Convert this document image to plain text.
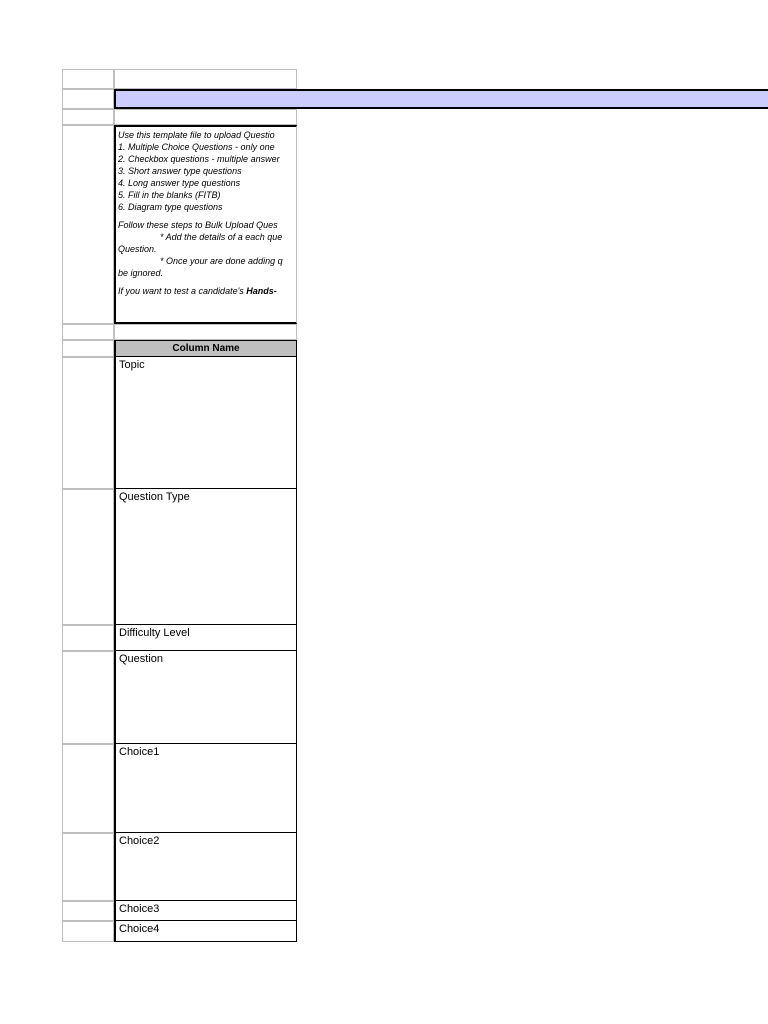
Use this template file to upload Questio
1. Multiple Choice Questions - only one
2. Checkbox questions - multiple answer
3. Short answer type questions
4. Long answer type questions
5. Fill in the blanks (FITB)
6. Diagram type questions
Follow these steps to Bulk Upload Ques
* Add the details of a each que
Question.
* Once your are done adding q
be ignored.
If you want to test a candidate's Hands-
Column Name
Topic
Question Type
Difficulty Level
Question
Choice1
Choice2
Choice3
Choice4
